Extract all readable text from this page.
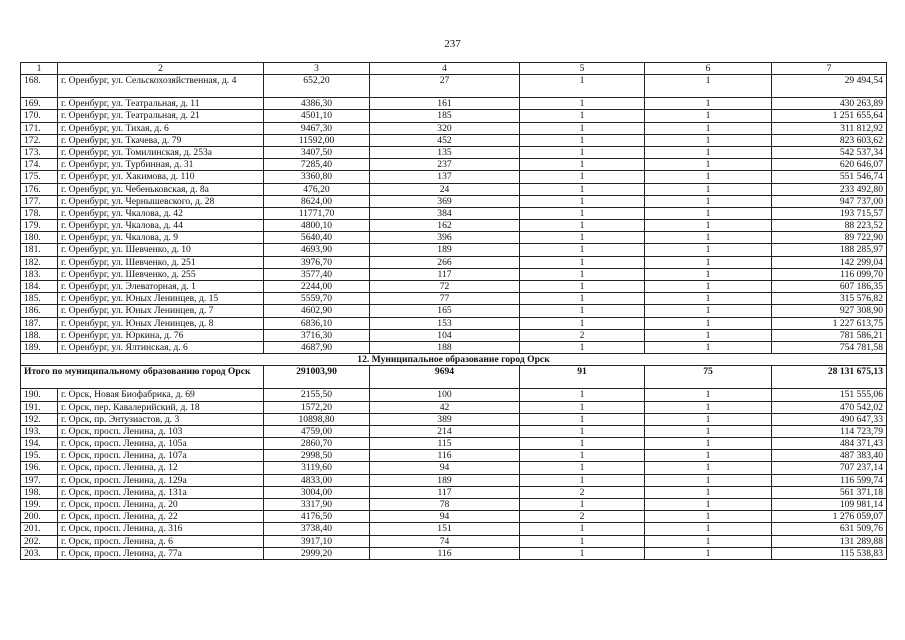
237
1	2	3	4	5	6	7
168.	г. Оренбург, ул. Сельскохозяйственная, д. 4	652,20	27	1	1	29 494,54
169.	г. Оренбург, ул. Театральная, д. 11	4386,30	161	1	1	430 263,89
170.	г. Оренбург, ул. Театральная, д. 21	4501,10	185	1	1	1 251 655,64
171.	г. Оренбург, ул. Тихая, д. 6	9467,30	320	1	1	311 812,92
172.	г. Оренбург, ул. Ткачева, д. 79	11592,00	452	1	1	823 603,62
173.	г. Оренбург, ул. Томилинская, д. 253а	3407,50	135	1	1	542 537,34
174.	г. Оренбург, ул. Турбинная, д. 31	7285,40	237	1	1	620 646,07
175.	г. Оренбург, ул. Хакимова, д. 110	3360,80	137	1	1	551 546,74
176.	г. Оренбург, ул. Чебеньковская, д. 8а	476,20	24	1	1	233 492,80
177.	г. Оренбург, ул. Чернышевского, д. 28	8624,00	369	1	1	947 737,00
178.	г. Оренбург, ул. Чкалова, д. 42	11771,70	384	1	1	193 715,57
179.	г. Оренбург, ул. Чкалова, д. 44	4800,10	162	1	1	88 223,52
180.	г. Оренбург, ул. Чкалова, д. 9	5640,40	396	1	1	89 722,90
181.	г. Оренбург, ул. Шевченко, д. 10	4693,90	189	1	1	188 285,97
182.	г. Оренбург, ул. Шевченко, д. 251	3976,70	266	1	1	142 299,04
183.	г. Оренбург, ул. Шевченко, д. 255	3577,40	117	1	1	116 099,70
184.	г. Оренбург, ул. Элеваторная, д. 1	2244,00	72	1	1	607 186,35
185.	г. Оренбург, ул. Юных Ленинцев, д. 15	5559,70	77	1	1	315 576,82
186.	г. Оренбург, ул. Юных Ленинцев, д. 7	4602,90	165	1	1	927 308,90
187.	г. Оренбург, ул. Юных Ленинцев, д. 8	6836,10	153	1	1	1 227 613,75
188.	г. Оренбург, ул. Юркина, д. 76	3716,30	104	2	1	781 586,21
189.	г. Оренбург, ул. Ялтинская, д. 6	4687,90	188	1	1	754 781,58
12. Муниципальное образование город Орск						
Итого по муниципальному образованию город Орск		291003,90	9694	91	75	28 131 675,13
190.	г. Орск, Новая Биофабрика, д. 69	2155,50	100	1	1	151 555,06
191.	г. Орск, пер. Кавалерийский, д. 18	1572,20	42	1	1	470 542,02
192.	г. Орск, пр. Энтузиастов, д. 3	10898,80	389	1	1	490 647,33
193.	г. Орск, просп. Ленина, д. 103	4759,00	214	1	1	114 723,79
194.	г. Орск, просп. Ленина, д. 105а	2860,70	115	1	1	484 371,43
195.	г. Орск, просп. Ленина, д. 107а	2998,50	116	1	1	487 383,40
196.	г. Орск, просп. Ленина, д. 12	3119,60	94	1	1	707 237,14
197.	г. Орск, просп. Ленина, д. 129а	4833,00	189	1	1	116 599,74
198.	г. Орск, просп. Ленина, д. 131а	3004,00	117	2	1	561 371,18
199.	г. Орск, просп. Ленина, д. 20	3317,90	78	1	1	109 981,14
200.	г. Орск, просп. Ленина, д. 22	4176,50	94	2	1	1 276 059,07
201.	г. Орск, просп. Ленина, д. 316	3738,40	151	1	1	631 509,76
202.	г. Орск, просп. Ленина, д. 6	3917,10	74	1	1	131 289,88
203.	г. Орск, просп. Ленина, д. 77а	2999,20	116	1	1	115 538,83
